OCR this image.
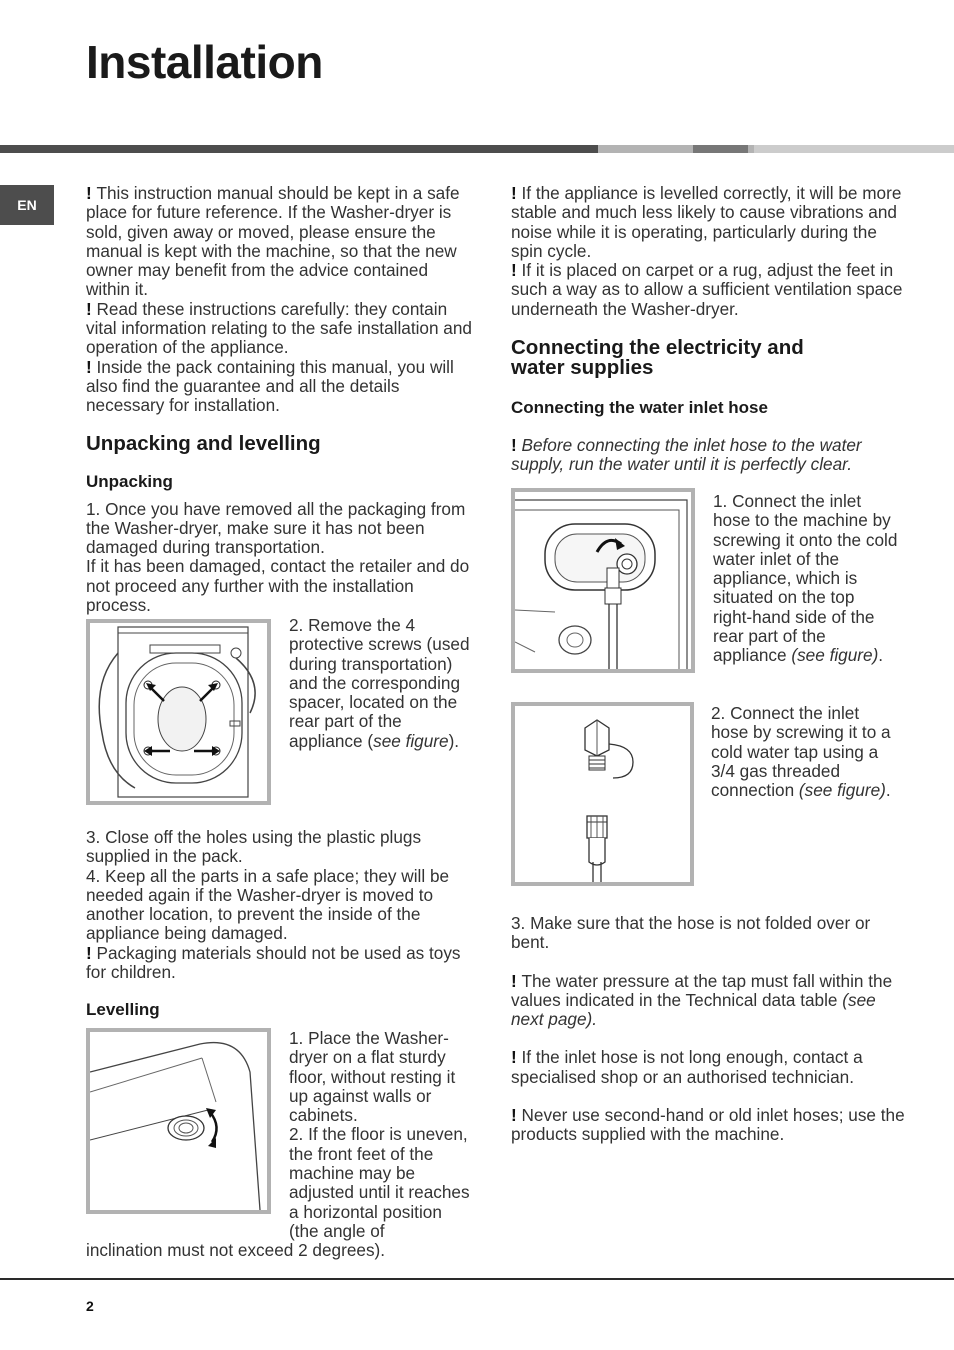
Installation
EN

! This instruction manual should be kept in a safe place for future reference. If the Washer-dryer is sold, given away or moved, please ensure the manual is kept with the machine, so that the new owner may benefit from the advice contained within it.

! Read these instructions carefully: they contain vital information relating to the safe installation and operation of the appliance.

! Inside the pack containing this manual, you will also find the guarantee and all the details necessary for installation.

Unpacking and levelling

Unpacking

1. Once you have removed all the packaging from the Washer-dryer, make sure it has not been damaged during transportation.

If it has been damaged, contact the retailer and do not proceed any further with the installation process.

2. Remove the 4 protective screws (used during transportation) and the corresponding spacer, located on the rear part of the appliance (see figure).

3. Close off the holes using the plastic plugs supplied in the pack.

4. Keep all the parts in a safe place; they will be needed again if the Washer-dryer is moved to another location, to prevent the inside of the appliance being damaged.

! Packaging materials should not be used as toys for children.

Levelling

1. Place the Washer-dryer on a flat sturdy floor, without resting it up against walls or cabinets.
2. If the floor is uneven, the front feet of the machine may be adjusted until it reaches a horizontal position (the angle of

inclination must not exceed 2 degrees).

! If the appliance is levelled correctly, it will be more stable and much less likely to cause vibrations and noise while it is operating, particularly during the spin cycle.

! If it is placed on carpet or a rug, adjust the feet in such a way as to allow a sufficient ventilation space underneath the Washer-dryer.

Connecting the electricity and
water supplies

Connecting the water inlet hose

! Before connecting the inlet hose to the water supply, run the water until it is perfectly clear.

1. Connect the inlet hose to the machine by screwing it onto the cold water inlet of the appliance, which is situated on the top right-hand side of the rear part of the appliance (see figure).

2. Connect the inlet hose by screwing it to a cold water tap using a 3/4 gas threaded connection (see figure).

3. Make sure that the hose is not folded over or bent.

! The water pressure at the tap must fall within the values indicated in the Technical data table (see next page).

! If the inlet hose is not long enough, contact a specialised shop or an authorised technician.

! Never use second-hand or old inlet hoses; use the products supplied with the machine.

2
